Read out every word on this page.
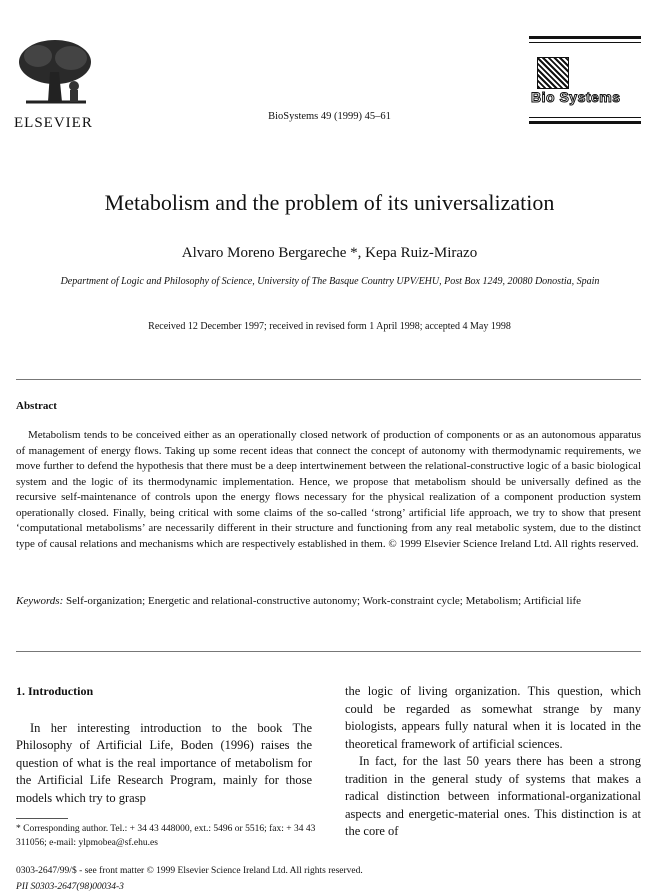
ELSEVIER	BioSystems 49 (1999) 45–61
Bio Systems
Metabolism and the problem of its universalization
Alvaro Moreno Bergareche *, Kepa Ruiz-Mirazo
Department of Logic and Philosophy of Science, University of The Basque Country UPV/EHU, Post Box 1249, 20080 Donostia, Spain
Received 12 December 1997; received in revised form 1 April 1998; accepted 4 May 1998
Abstract
Metabolism tends to be conceived either as an operationally closed network of production of components or as an autonomous apparatus of management of energy flows. Taking up some recent ideas that connect the concept of autonomy with thermodynamic requirements, we move further to defend the hypothesis that there must be a deep intertwinement between the relational-constructive logic of a basic biological system and the logic of its thermodynamic implementation. Hence, we propose that metabolism should be universally defined as the recursive self-maintenance of controls upon the energy flows necessary for the physical realization of a component production system operationally closed. Finally, being critical with some claims of the so-called ‘strong’ artificial life approach, we try to show that present ‘computational metabolisms’ are necessarily different in their structure and functioning from any real metabolic system, due to the distinct type of causal relations and mechanisms which are respectively established in them. © 1999 Elsevier Science Ireland Ltd. All rights reserved.
Keywords: Self-organization; Energetic and relational-constructive autonomy; Work-constraint cycle; Metabolism; Artificial life
1. Introduction

In her interesting introduction to the book The Philosophy of Artificial Life, Boden (1996) raises the question of what is the real importance of metabolism for the Artificial Life Research Program, mainly for those models which try to grasp

the logic of living organization. This question, which could be regarded as somewhat strange by many biologists, appears fully natural when it is located in the theoretical framework of artificial sciences.

In fact, for the last 50 years there has been a strong tradition in the general study of systems that makes a radical distinction between informational-organizational aspects and energetic-material ones. This distinction is at the core of

* Corresponding author. Tel.: + 34 43 448000, ext.: 5496 or 5516; fax: + 34 43 311056; e-mail: ylpmobea@sf.ehu.es
0303-2647/99/$ - see front matter © 1999 Elsevier Science Ireland Ltd. All rights reserved.
PII S0303-2647(98)00034-3
